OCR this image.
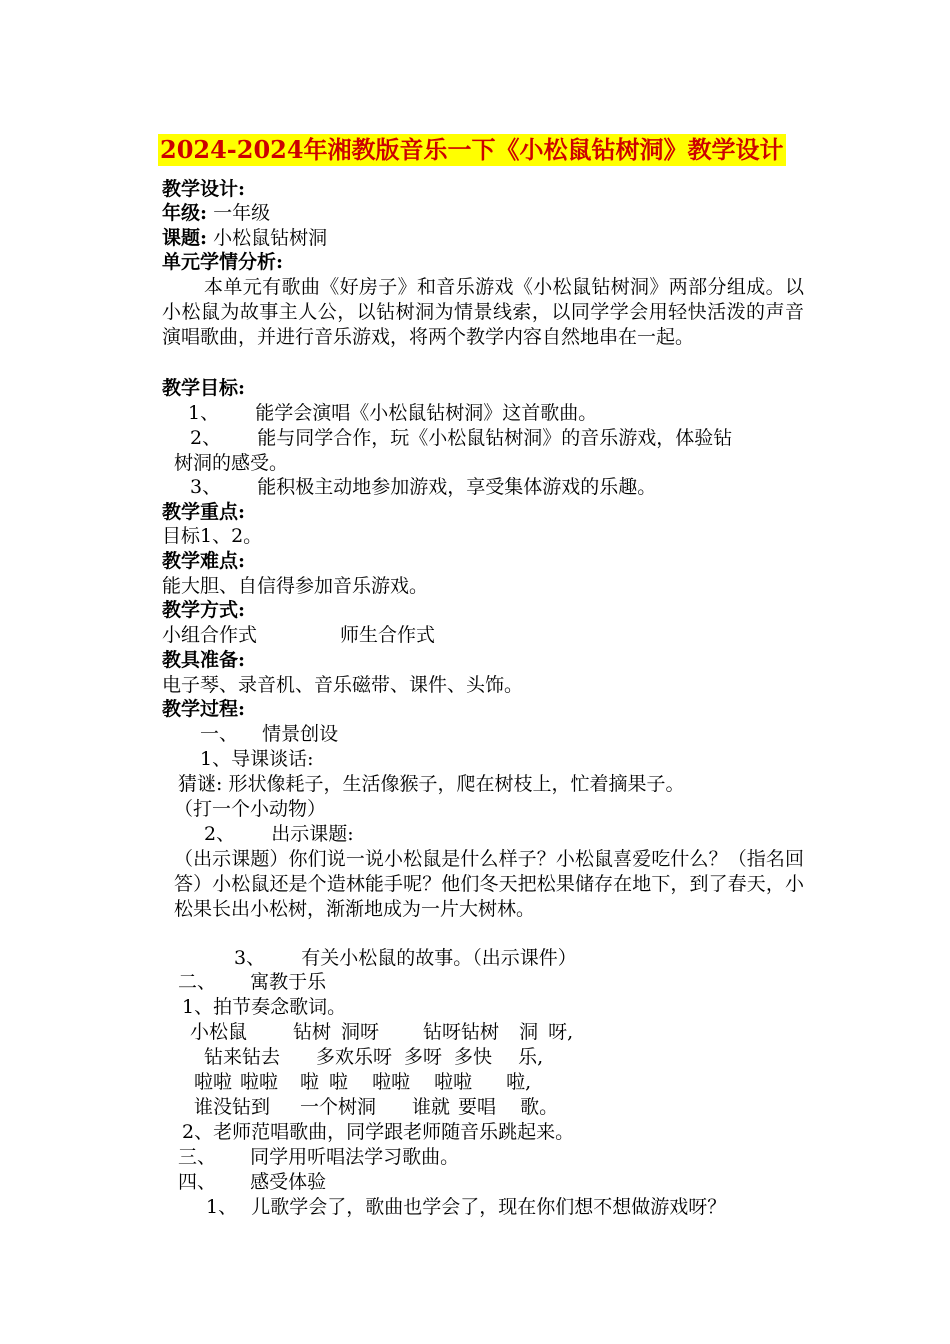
2024-2024年湘教版音乐一下《小松鼠钻树洞》教学设计
教学设计:
年级: 一年级
课题: 小松鼠钻树洞
单元学情分析:
本单元有歌曲《好房子》和音乐游戏《小松鼠钻树洞》两部分组成。以小松鼠为故事主人公，以钻树洞为情景线索，以同学学会用轻快活泼的声音演唱歌曲，并进行音乐游戏，将两个教学内容自然地串在一起。
教学目标:
1、 能学会演唱《小松鼠钻树洞》这首歌曲。
2、 能与同学合作，玩《小松鼠钻树洞》的音乐游戏，体验钻
树洞的感受。
3、 能积极主动地参加游戏，享受集体游戏的乐趣。
教学重点:
目标1、2。
教学难点:
能大胆、自信得参加音乐游戏。
教学方式:
小组合作式	师生合作式
教具准备:
电子琴、录音机、音乐磁带、课件、头饰。
教学过程:
一、 情景创设
1、导课谈话:
猜谜: 形状像耗子，生活像猴子，爬在树枝上，忙着摘果子。
（打一个小动物）
2、 出示课题:
（出示课题）你们说一说小松鼠是什么样子？小松鼠喜爱吃什么？（指名回答）小松鼠还是个造林能手呢？他们冬天把松果储存在地下，到了春天，小松果长出小松树，渐渐地成为一片大树林。
3、 有关小松鼠的故事。（出示课件）
二、 寓教于乐
1、拍节奏念歌词。
小松鼠 钻树 洞呀 钻呀钻树 洞 呀,
钻来钻去 多欢乐呀 多呀 多快 乐,
啦啦 啦啦 啦 啦 啦啦 啦啦 啦,
谁没钻到 一个树洞 谁就 要唱 歌。
2、老师范唱歌曲，同学跟老师随音乐跳起来。
三、 同学用听唱法学习歌曲。
四、 感受体验
1、 儿歌学会了，歌曲也学会了，现在你们想不想做游戏呀？
